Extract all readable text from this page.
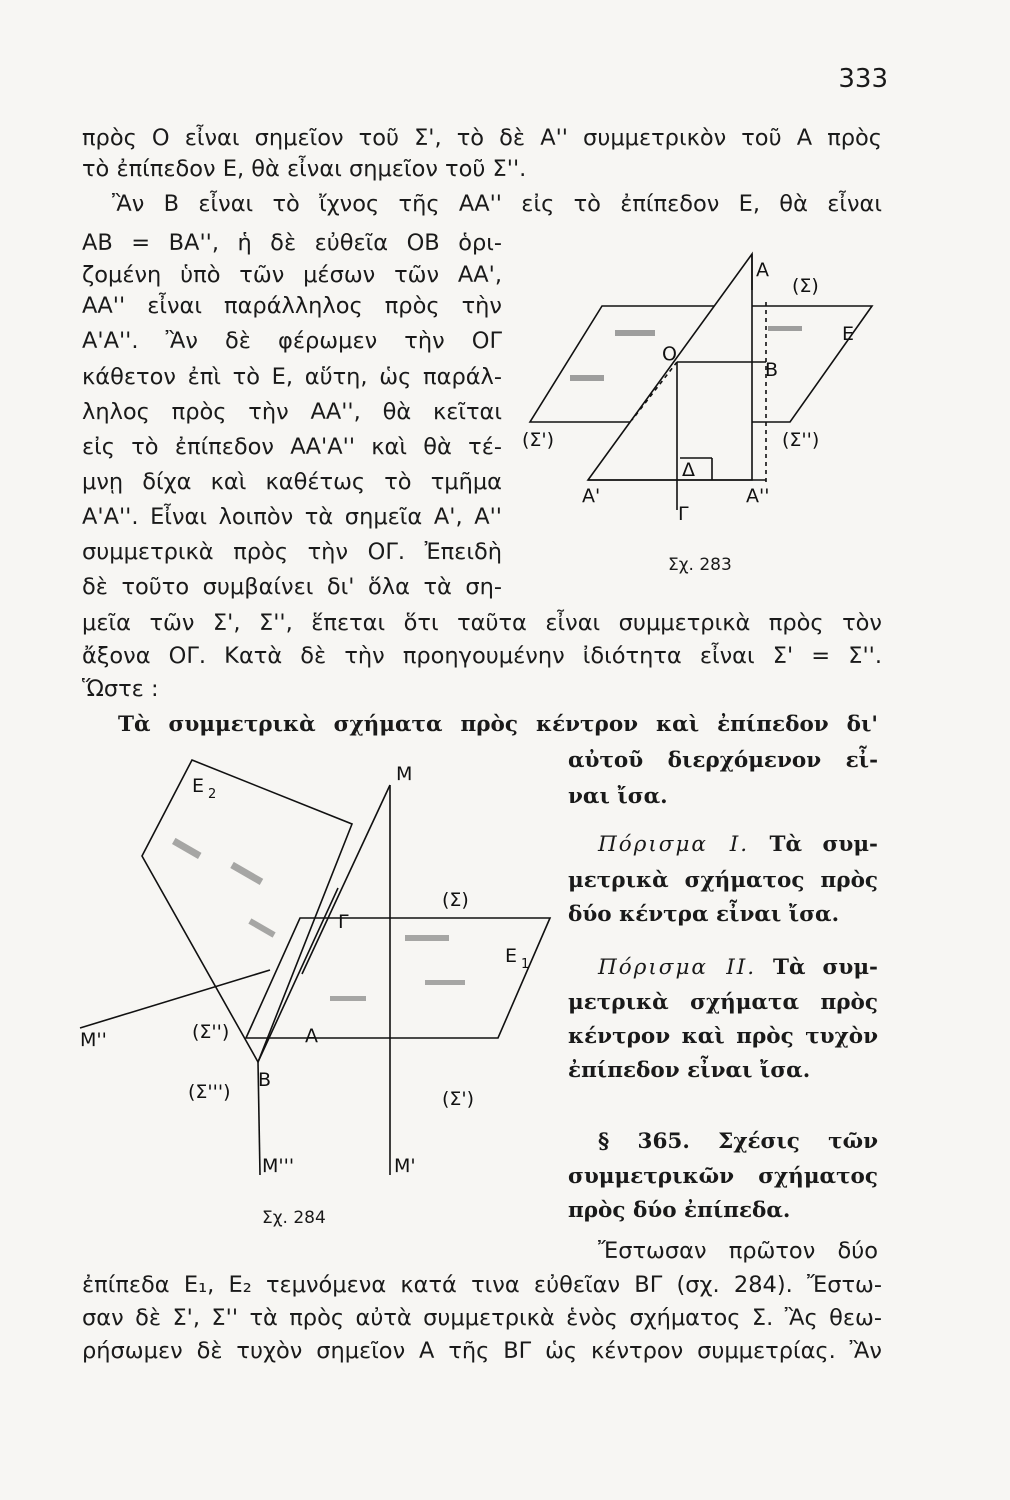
333
πρὸς Ο εἶναι σημεῖον τοῦ Σ', τὸ δὲ Α'' συμμετρικὸν τοῦ Α πρὸς
τὸ ἐπίπεδον Ε, θὰ εἶναι σημεῖον τοῦ Σ''.
Ἂν Β εἶναι τὸ ἴχνος τῆς ΑΑ'' εἰς τὸ ἐπίπεδον Ε, θὰ εἶναι
ΑΒ = ΒΑ'', ἡ δὲ εὐθεῖα ΟΒ ὁρι-
ζομένη ὑπὸ τῶν μέσων τῶν ΑΑ',
ΑΑ'' εἶναι παράλληλος πρὸς τὴν
Α'Α''. Ἂν δὲ φέρωμεν τὴν ΟΓ
κάθετον ἐπὶ τὸ Ε, αὕτη, ὡς παράλ-
ληλος πρὸς τὴν ΑΑ'', θὰ κεῖται
εἰς τὸ ἐπίπεδον ΑΑ'Α'' καὶ θὰ τέ-
μνῃ δίχα καὶ καθέτως τὸ τμῆμα
Α'Α''. Εἶναι λοιπὸν τὰ σημεῖα Α', Α''
συμμετρικὰ πρὸς τὴν ΟΓ. Ἐπειδὴ
δὲ τοῦτο συμβαίνει δι' ὅλα τὰ ση-
Α
(Σ)
Ε
Ο
Β
(Σ')	(Σ'')
Δ
Α'
Γ
Α''
Σχ. 283
μεῖα τῶν Σ', Σ'', ἕπεται ὅτι ταῦτα εἶναι συμμετρικὰ πρὸς τὸν
ἄξονα ΟΓ. Κατὰ δὲ τὴν προηγουμένην ἰδιότητα εἶναι Σ' = Σ''.
Ὥστε :
Τὰ συμμετρικὰ σχήματα πρὸς κέντρον καὶ ἐπίπεδον δι'
αὐτοῦ διερχόμενον εἶ-
ναι ἴσα.
Πόρισμα I. Τὰ συμ-
μετρικὰ σχήματος πρὸς
δύο κέντρα εἶναι ἴσα.
Πόρισμα II. Τὰ συμ-
μετρικὰ σχήματα πρὸς
κέντρον καὶ πρὸς τυχὸν
ἐπίπεδον εἶναι ἴσα.
§ 365. Σχέσις τῶν
συμμετρικῶν σχήματος
πρὸς δύο ἐπίπεδα.
Ε 2
Μ
(Σ)
Γ
Ε 1
Μ''	(Σ'')	Α
(Σ''')
Β
(Σ')
Μ'''	Μ'
Σχ. 284
Ἔστωσαν πρῶτον δύο
ἐπίπεδα Ε₁, Ε₂ τεμνόμενα κατά τινα εὐθεῖαν ΒΓ (σχ. 284). Ἔστω-
σαν δὲ Σ', Σ'' τὰ πρὸς αὐτὰ συμμετρικὰ ἑνὸς σχήματος Σ. Ἂς θεω-
ρήσωμεν δὲ τυχὸν σημεῖον Α τῆς ΒΓ ὡς κέντρον συμμετρίας. Ἂν
